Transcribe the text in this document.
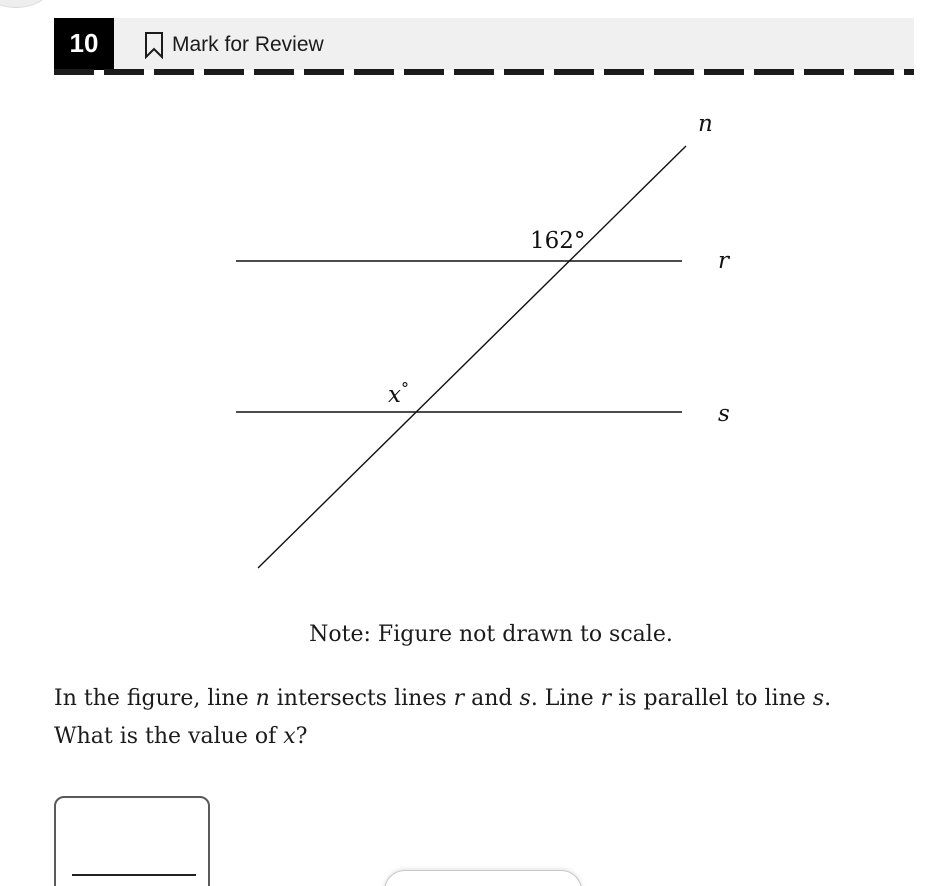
10	Mark for Review
n
r
s
162°
x°
Note: Figure not drawn to scale.
In the figure, line n intersects lines r and s. Line r is parallel to line s.
What is the value of x?
